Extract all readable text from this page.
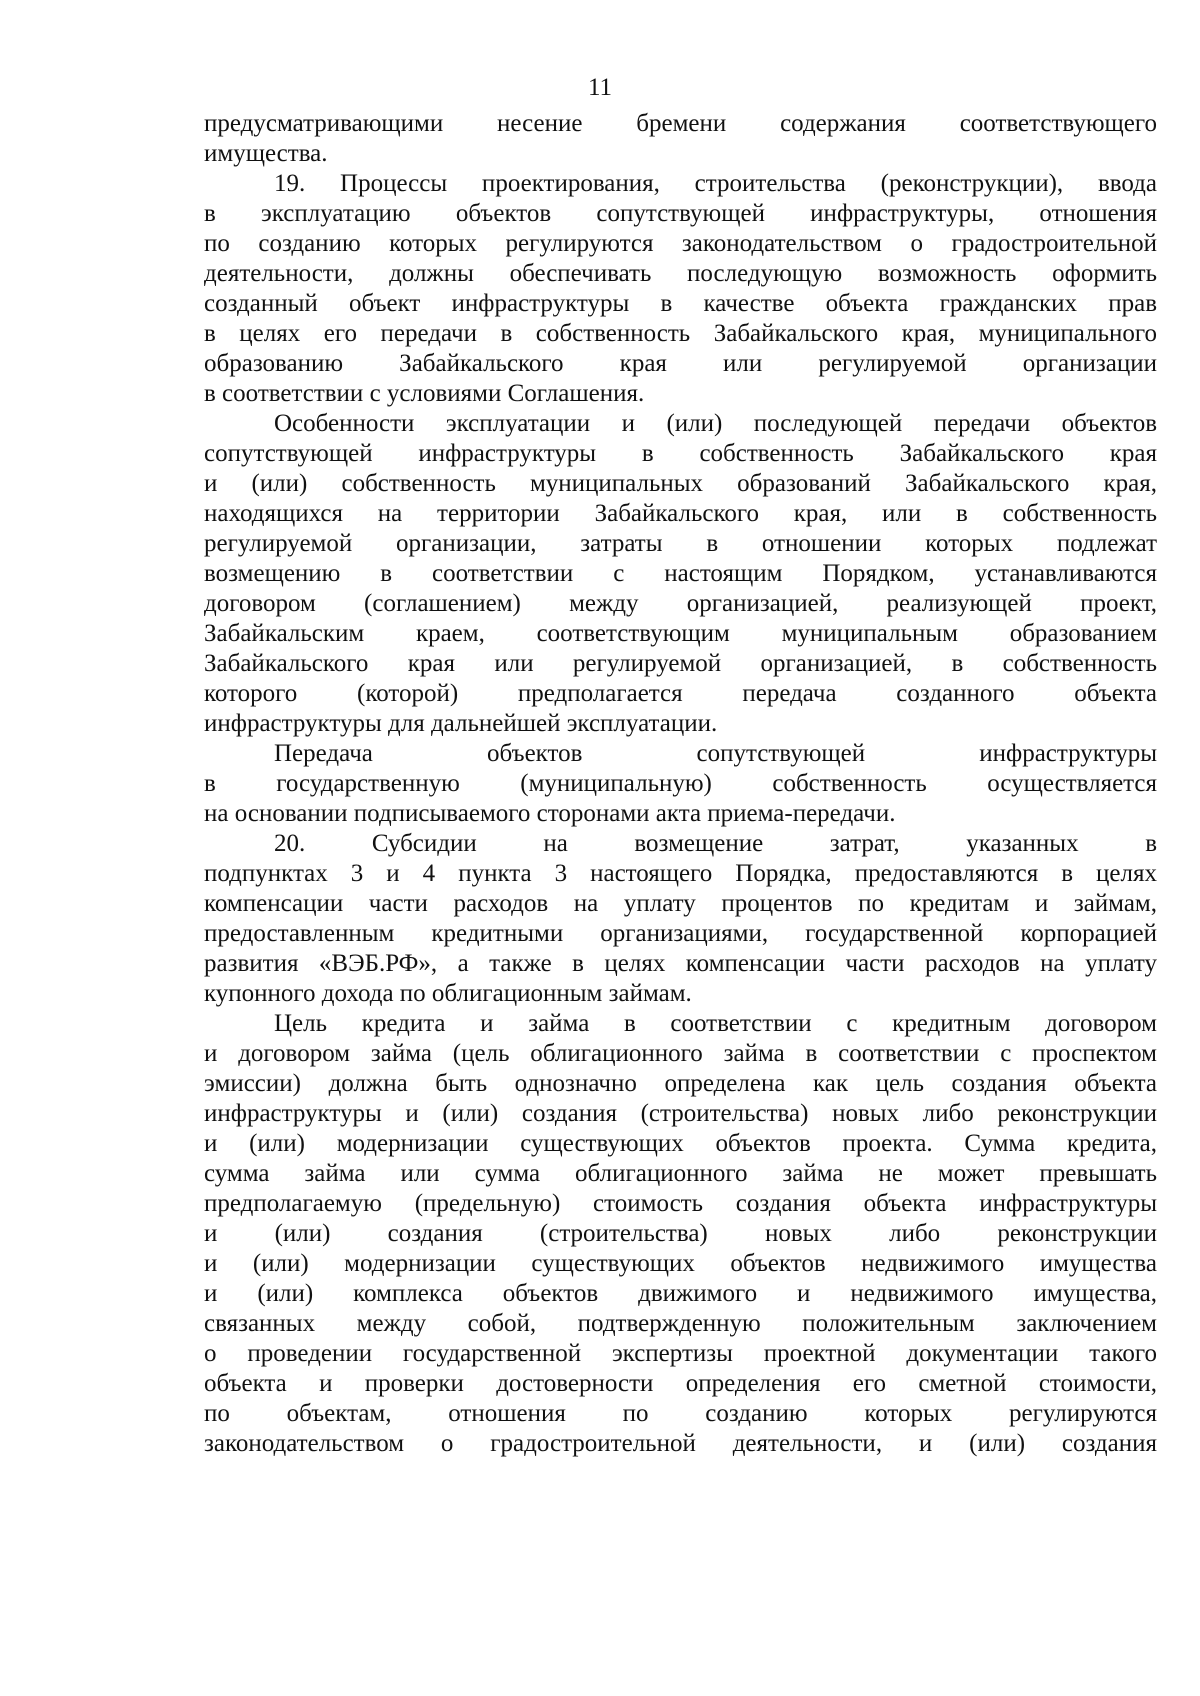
11
предусматривающими несение бремени содержания соответствующего
имущества.
19. Процессы проектирования, строительства (реконструкции), ввода
в эксплуатацию объектов сопутствующей инфраструктуры, отношения
по созданию которых регулируются законодательством о градостроительной
деятельности, должны обеспечивать последующую возможность оформить
созданный объект инфраструктуры в качестве объекта гражданских прав
в целях его передачи в собственность Забайкальского края, муниципального
образованию Забайкальского края или регулируемой организации
в соответствии с условиями Соглашения.
Особенности эксплуатации и (или) последующей передачи объектов
сопутствующей инфраструктуры в собственность Забайкальского края
и (или) собственность муниципальных образований Забайкальского края,
находящихся на территории Забайкальского края, или в собственность
регулируемой организации, затраты в отношении которых подлежат
возмещению в соответствии с настоящим Порядком, устанавливаются
договором (соглашением) между организацией, реализующей проект,
Забайкальским краем, соответствующим муниципальным образованием
Забайкальского края или регулируемой организацией, в собственность
которого (которой) предполагается передача созданного объекта
инфраструктуры для дальнейшей эксплуатации.
Передача объектов сопутствующей инфраструктуры
в государственную (муниципальную) собственность осуществляется
на основании подписываемого сторонами акта приема-передачи.
20. Субсидии на возмещение затрат, указанных в
подпунктах 3 и 4 пункта 3 настоящего Порядка, предоставляются в целях
компенсации части расходов на уплату процентов по кредитам и займам,
предоставленным кредитными организациями, государственной корпорацией
развития «ВЭБ.РФ», а также в целях компенсации части расходов на уплату
купонного дохода по облигационным займам.
Цель кредита и займа в соответствии с кредитным договором
и договором займа (цель облигационного займа в соответствии с проспектом
эмиссии) должна быть однозначно определена как цель создания объекта
инфраструктуры и (или) создания (строительства) новых либо реконструкции
и (или) модернизации существующих объектов проекта. Сумма кредита,
сумма займа или сумма облигационного займа не может превышать
предполагаемую (предельную) стоимость создания объекта инфраструктуры
и (или) создания (строительства) новых либо реконструкции
и (или) модернизации существующих объектов недвижимого имущества
и (или) комплекса объектов движимого и недвижимого имущества,
связанных между собой, подтвержденную положительным заключением
о проведении государственной экспертизы проектной документации такого
объекта и проверки достоверности определения его сметной стоимости,
по объектам, отношения по созданию которых регулируются
законодательством о градостроительной деятельности, и (или) создания
